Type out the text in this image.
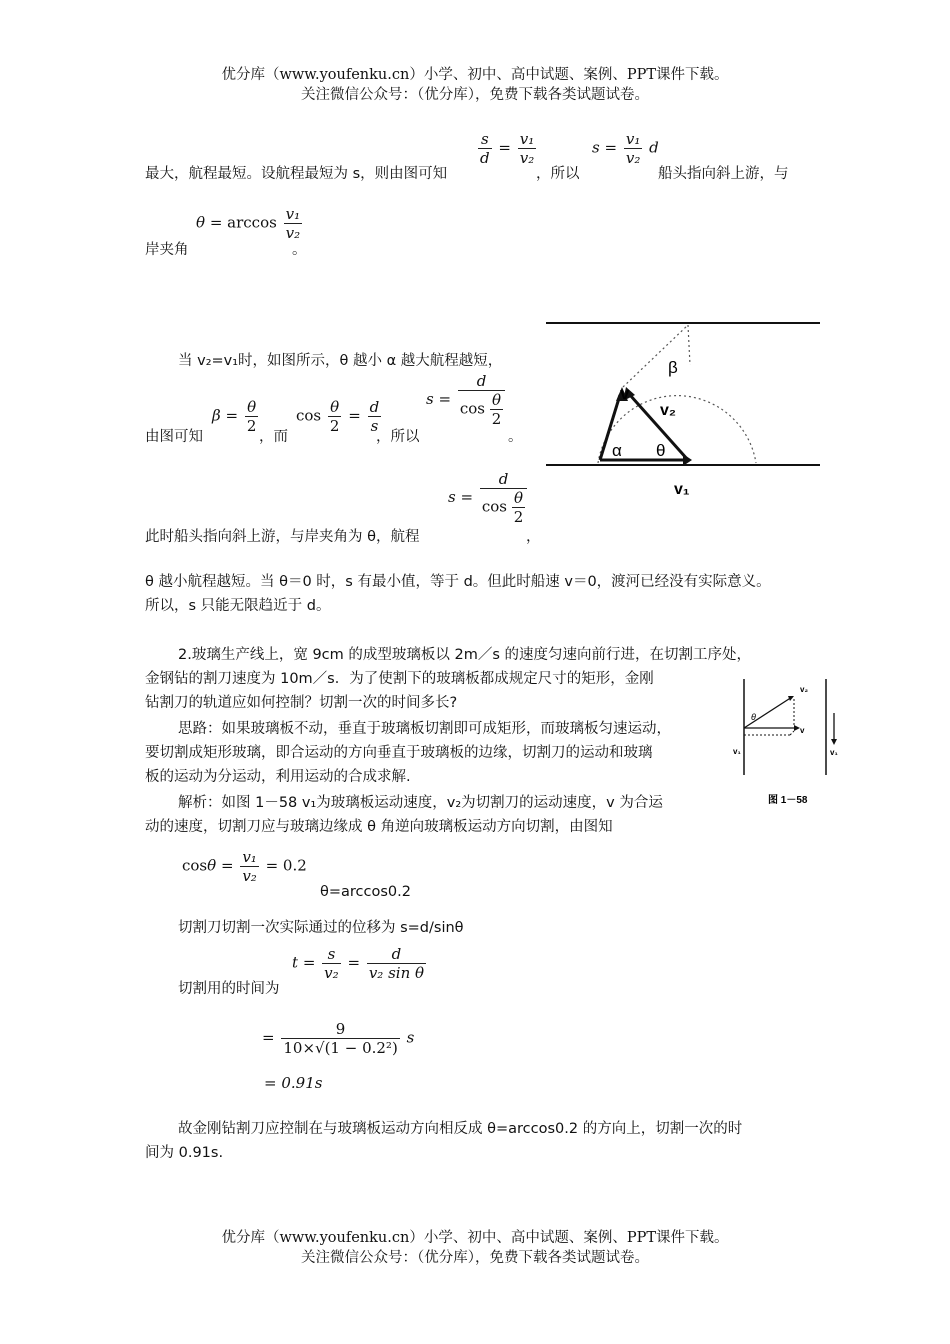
优分库（www.youfenku.cn）小学、初中、高中试题、案例、PPT课件下载。
关注微信公众号：（优分库），免费下载各类试题试卷。
$\frac{s}{d} = \frac{\text{v₁}}{\text{v₂}}$	$s = \frac{\text{v₁}}{\text{v₂}}$ d
最大，航程最短。设航程最短为 s，则由图可知	，所以	船头指向斜上游，与
$\theta = \arccos \frac{\text{v₁}}{\text{v₂}}$
岸夹角	。
β
v
v₂
α θ
v₁
当 v₂=v₁时，如图所示，θ 越小 α 越大航程越短，
$s = \frac{d}{\cos \frac{\theta}{2}}$
$\beta = \frac{\theta}{2}$	$\cos \frac{\theta}{2} = \frac{d}{s}$
由图可知	，而	，所以	。
$s = \frac{d}{\cos \frac{\theta}{2}}$
此时船头指向斜上游，与岸夹角为 θ，航程	，
θ 越小航程越短。当 θ＝0 时，s 有最小值，等于 d。但此时船速 v＝0，渡河已经没有实际意义。
所以，s 只能无限趋近于 d。
2.玻璃生产线上，宽 9cm 的成型玻璃板以 2m／s 的速度匀速向前行进，在切割工序处，
金钢钻的割刀速度为 10m／s．为了使割下的玻璃板都成规定尺寸的矩形，金刚
钻割刀的轨道应如何控制？切割一次的时间多长?
思路：如果玻璃板不动，垂直于玻璃板切割即可成矩形，而玻璃板匀速运动，
要切割成矩形玻璃，即合运动的方向垂直于玻璃板的边缘，切割刀的运动和玻璃
板的运动为分运动，利用运动的合成求解.
解析：如图 1－58 v₁为玻璃板运动速度，v₂为切割刀的运动速度，v 为合运
动的速度，切割刀应与玻璃边缘成 θ 角逆向玻璃板运动方向切割，由图知
v₂
θ
v
v₁	v₁
图 1－58
$\cos\theta = \frac{\text{v₁}}{\text{v₂}} = 0.2$
θ=arccos0.2
切割刀切割一次实际通过的位移为 s=d/sinθ
$t = \frac{s}{\text{v₂}} = \frac{d}{\text{v₂ sin θ}}$
切割用的时间为
= $\frac{9}{\text{10×√(1 − 0.2²)}}$ s
= 0.91s
故金刚钻割刀应控制在与玻璃板运动方向相反成 θ=arccos0.2 的方向上，切割一次的时
间为 0.91s.
优分库（www.youfenku.cn）小学、初中、高中试题、案例、PPT课件下载。
关注微信公众号：（优分库），免费下载各类试题试卷。
